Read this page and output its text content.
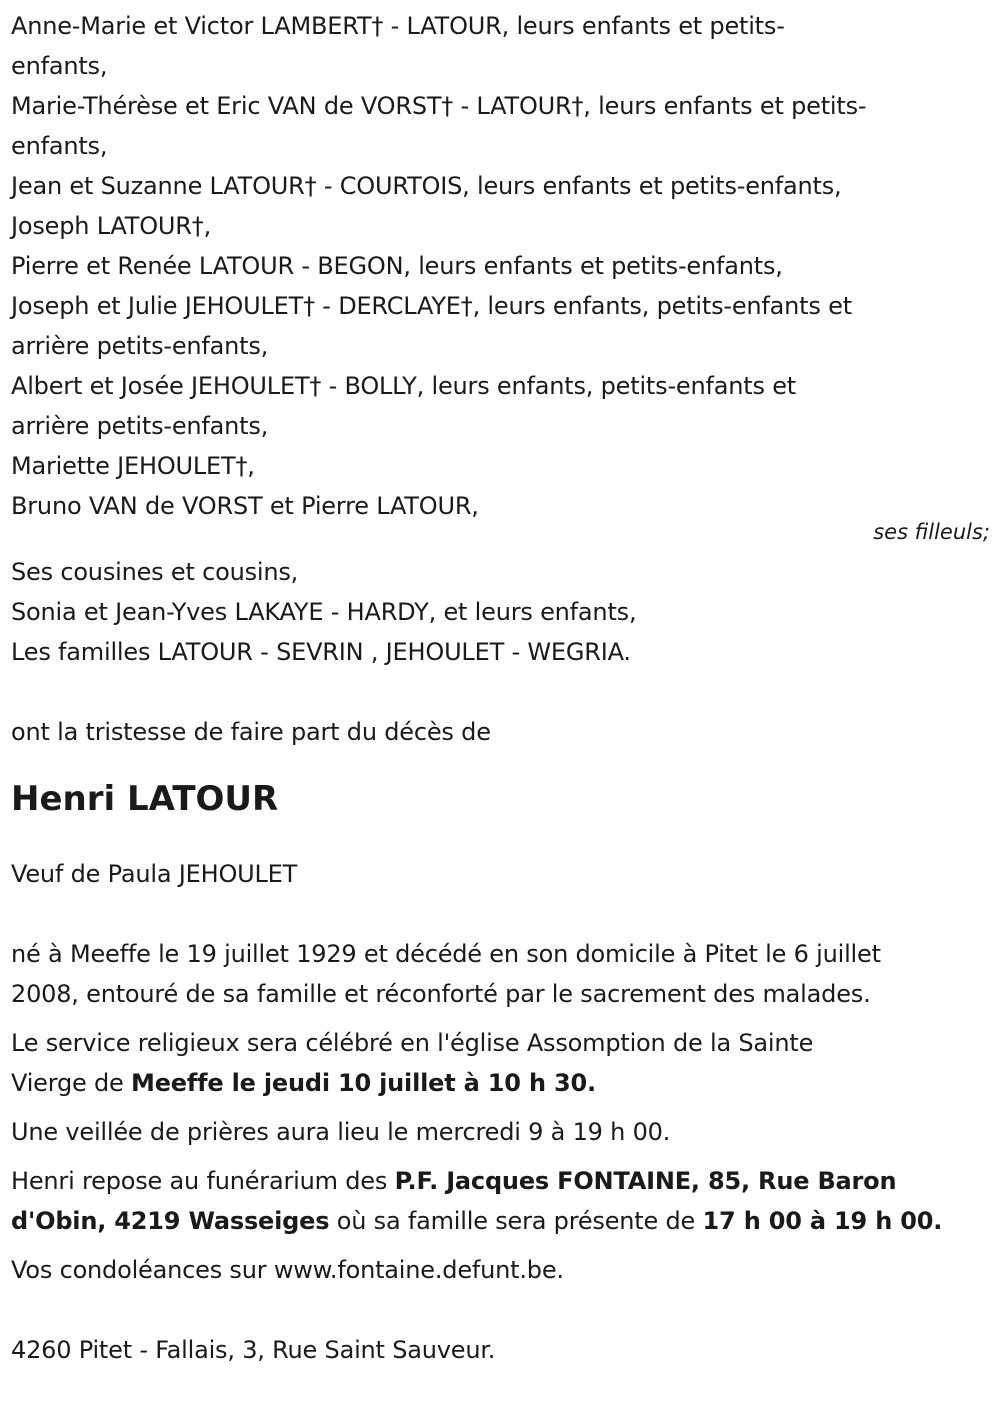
Anne-Marie et Victor LAMBERT† - LATOUR, leurs enfants et petits-
enfants,
Marie-Thérèse et Eric VAN de VORST† - LATOUR†, leurs enfants et petits-
enfants,
Jean et Suzanne LATOUR† - COURTOIS, leurs enfants et petits-enfants,
Joseph LATOUR†,
Pierre et Renée LATOUR - BEGON, leurs enfants et petits-enfants,
Joseph et Julie JEHOULET† - DERCLAYE†, leurs enfants, petits-enfants et
arrière petits-enfants,
Albert et Josée JEHOULET† - BOLLY, leurs enfants, petits-enfants et
arrière petits-enfants,
Mariette JEHOULET†,
Bruno VAN de VORST et Pierre LATOUR,
ses filleuls;
Ses cousines et cousins,
Sonia et Jean-Yves LAKAYE - HARDY, et leurs enfants,
Les familles LATOUR - SEVRIN , JEHOULET - WEGRIA.
ont la tristesse de faire part du décès de
Henri LATOUR
Veuf de Paula JEHOULET
né à Meeffe le 19 juillet 1929 et décédé en son domicile à Pitet le 6 juillet
2008, entouré de sa famille et réconforté par le sacrement des malades.
Le service religieux sera célébré en l'église Assomption de la Sainte
Vierge de Meeffe le jeudi 10 juillet à 10 h 30.
Une veillée de prières aura lieu le mercredi 9 à 19 h 00.
Henri repose au funérarium des P.F. Jacques FONTAINE, 85, Rue Baron
d'Obin, 4219 Wasseiges où sa famille sera présente de 17 h 00 à 19 h 00.
Vos condoléances sur www.fontaine.defunt.be.
4260 Pitet - Fallais, 3, Rue Saint Sauveur.
